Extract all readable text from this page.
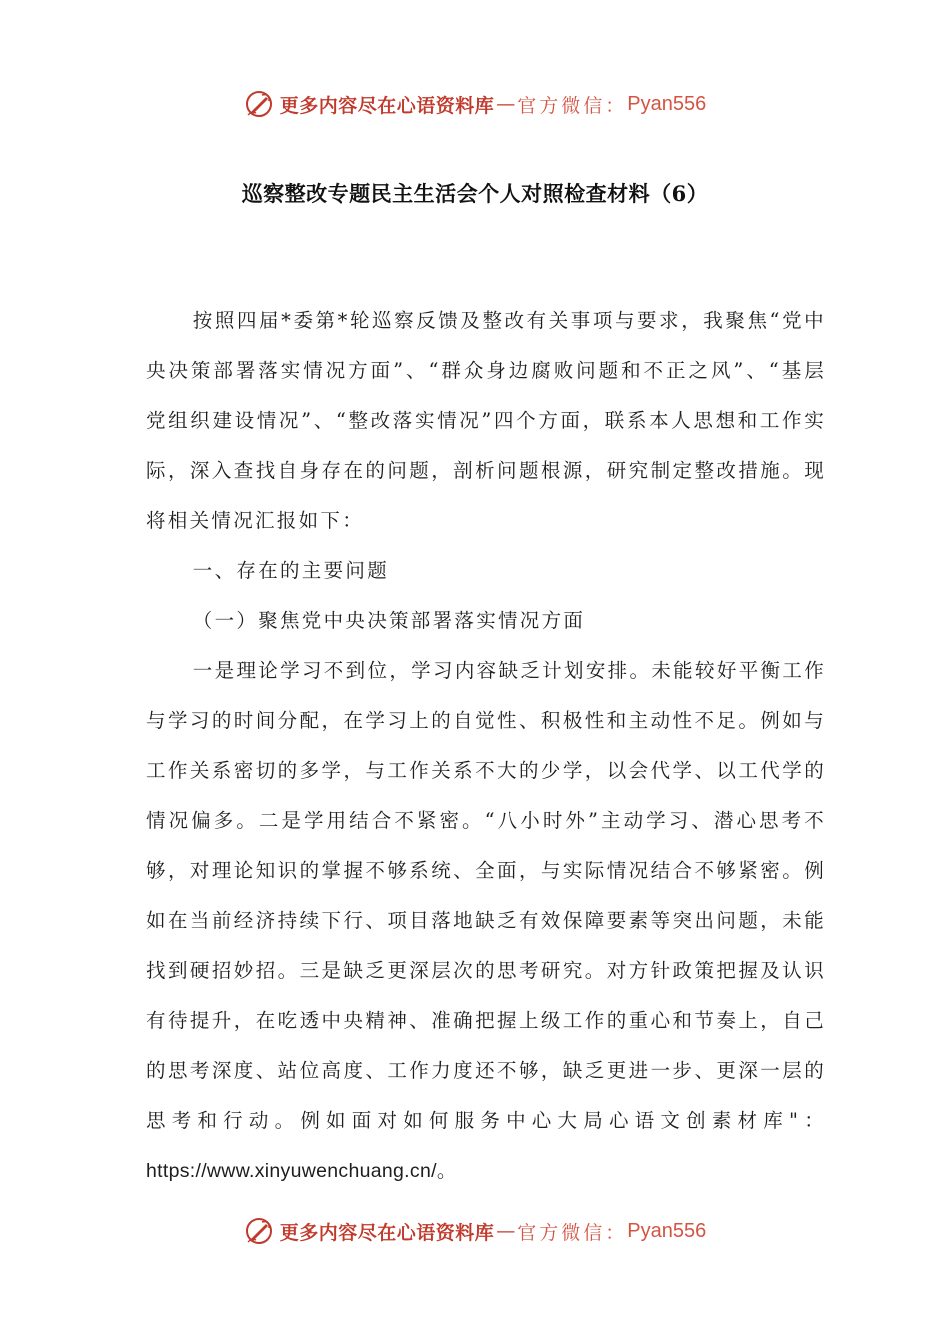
更多内容尽在心语资料库 — 官方微信： Pyan556
巡察整改专题民主生活会个人对照检查材料（6）

按照四届*委第*轮巡察反馈及整改有关事项与要求，我聚焦“党中央决策部署落实情况方面”、“群众身边腐败问题和不正之风”、“基层党组织建设情况”、“整改落实情况”四个方面，联系本人思想和工作实际，深入查找自身存在的问题，剖析问题根源，研究制定整改措施。现将相关情况汇报如下：

一、存在的主要问题

（一）聚焦党中央决策部署落实情况方面

一是理论学习不到位，学习内容缺乏计划安排。未能较好平衡工作与学习的时间分配，在学习上的自觉性、积极性和主动性不足。例如与工作关系密切的多学，与工作关系不大的少学，以会代学、以工代学的情况偏多。二是学用结合不紧密。“八小时外”主动学习、潜心思考不够，对理论知识的掌握不够系统、全面，与实际情况结合不够紧密。例如在当前经济持续下行、项目落地缺乏有效保障要素等突出问题，未能找到硬招妙招。三是缺乏更深层次的思考研究。对方针政策把握及认识有待提升，在吃透中央精神、准确把握上级工作的重心和节奏上，自己的思考深度、站位高度、工作力度还不够，缺乏更进一步、更深一层的思考和行动。例如面对如何服务中心大局心语文创素材库"：https://www.xinyuwenchuang.cn/。

更多内容尽在心语资料库 — 官方微信： Pyan556
